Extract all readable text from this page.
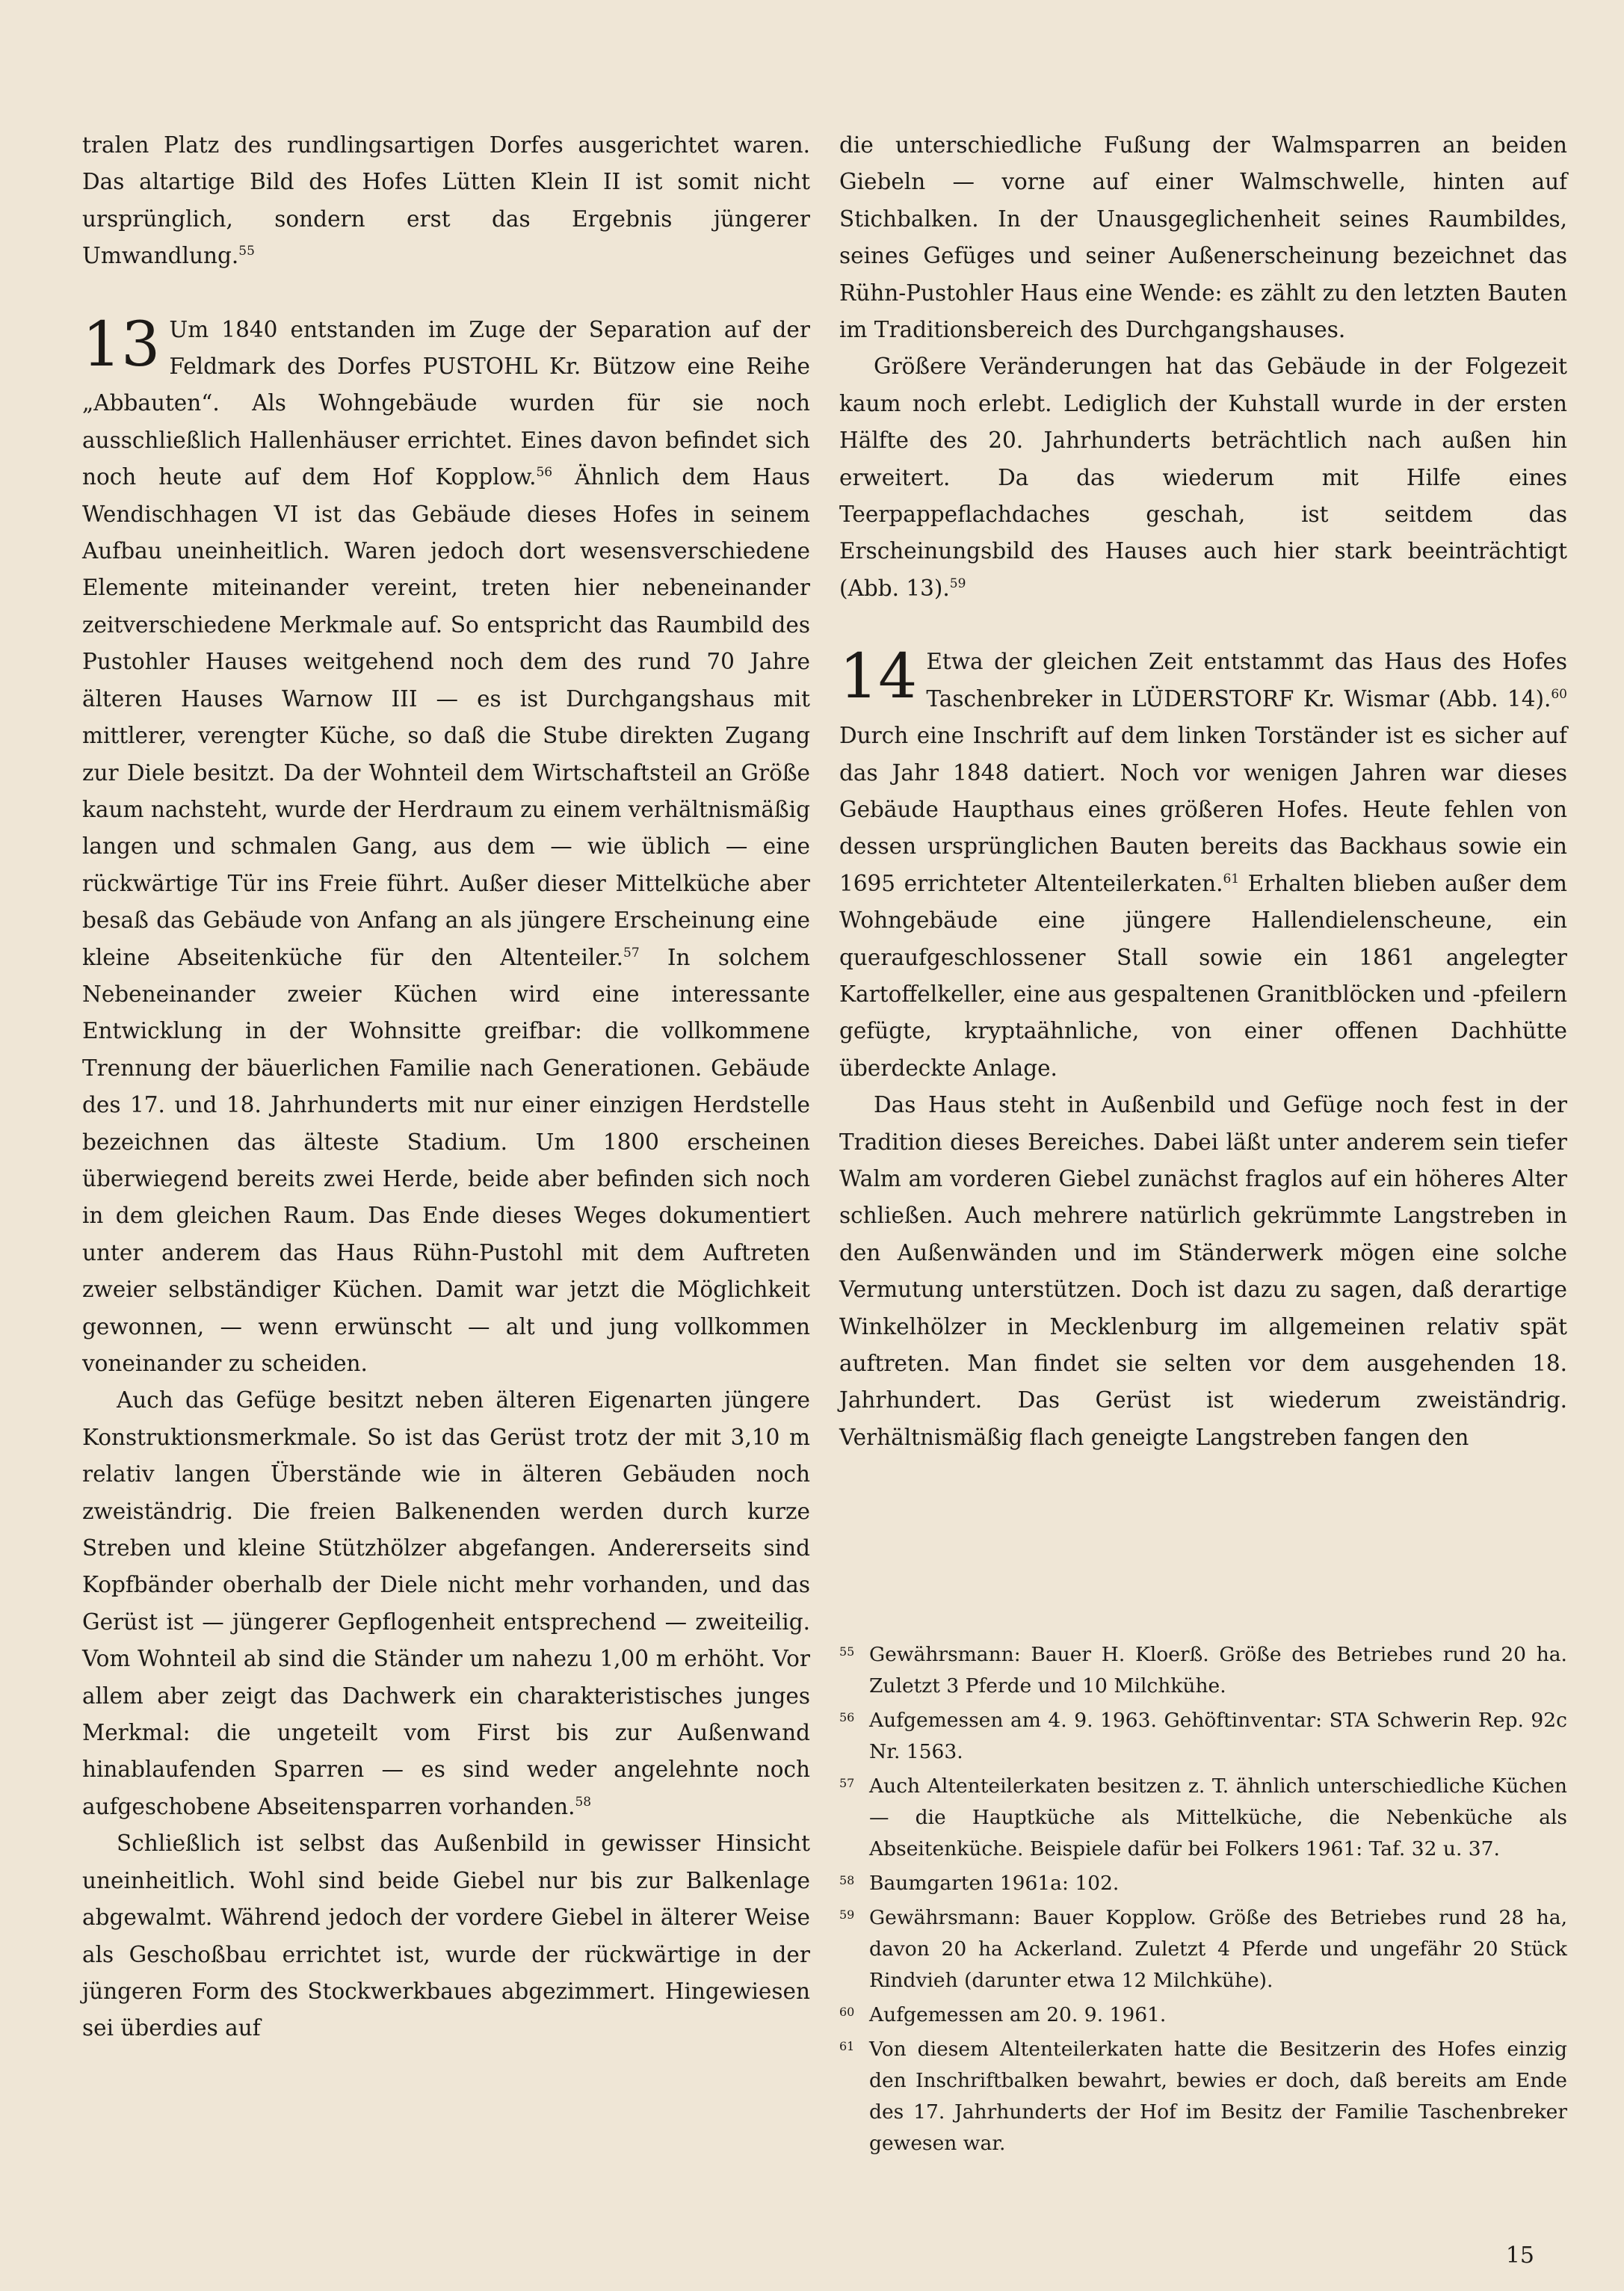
tralen Platz des rundlingsartigen Dorfes ausgerichtet waren. Das altartige Bild des Hofes Lütten Klein II ist somit nicht ursprünglich, sondern erst das Ergebnis jüngerer Umwandlung.$^{55}$

13 Um 1840 entstanden im Zuge der Separation auf der Feldmark des Dorfes PUSTOHL Kr. Bützow eine Reihe „Abbauten“. Als Wohngebäude wurden für sie noch ausschließlich Hallenhäuser errichtet. Eines davon befindet sich noch heute auf dem Hof Kopplow.$^{56}$ Ähnlich dem Haus Wendischhagen VI ist das Gebäude dieses Hofes in seinem Aufbau uneinheitlich. Waren jedoch dort wesensverschiedene Elemente miteinander vereint, treten hier nebeneinander zeitverschiedene Merkmale auf. So entspricht das Raumbild des Pustohler Hauses weitgehend noch dem des rund 70 Jahre älteren Hauses Warnow III — es ist Durchgangshaus mit mittlerer, verengter Küche, so daß die Stube direkten Zugang zur Diele besitzt. Da der Wohnteil dem Wirtschaftsteil an Größe kaum nachsteht, wurde der Herdraum zu einem verhältnismäßig langen und schmalen Gang, aus dem — wie üblich — eine rückwärtige Tür ins Freie führt. Außer dieser Mittelküche aber besaß das Gebäude von Anfang an als jüngere Erscheinung eine kleine Abseitenküche für den Altenteiler.$^{57}$ In solchem Nebeneinander zweier Küchen wird eine interessante Entwicklung in der Wohnsitte greifbar: die vollkommene Trennung der bäuerlichen Familie nach Generationen. Gebäude des 17. und 18. Jahrhunderts mit nur einer einzigen Herdstelle bezeichnen das älteste Stadium. Um 1800 erscheinen überwiegend bereits zwei Herde, beide aber befinden sich noch in dem gleichen Raum. Das Ende dieses Weges dokumentiert unter anderem das Haus Rühn-Pustohl mit dem Auftreten zweier selbständiger Küchen. Damit war jetzt die Möglichkeit gewonnen, — wenn erwünscht — alt und jung vollkommen voneinander zu scheiden.

Auch das Gefüge besitzt neben älteren Eigenarten jüngere Konstruktionsmerkmale. So ist das Gerüst trotz der mit 3,10 m relativ langen Überstände wie in älteren Gebäuden noch zweiständrig. Die freien Balkenenden werden durch kurze Streben und kleine Stützhölzer abgefangen. Andererseits sind Kopfbänder oberhalb der Diele nicht mehr vorhanden, und das Gerüst ist — jüngerer Gepflogenheit entsprechend — zweiteilig. Vom Wohnteil ab sind die Ständer um nahezu 1,00 m erhöht. Vor allem aber zeigt das Dachwerk ein charakteristisches junges Merkmal: die ungeteilt vom First bis zur Außenwand hinablaufenden Sparren — es sind weder angelehnte noch aufgeschobene Abseitensparren vorhanden.$^{58}$

Schließlich ist selbst das Außenbild in gewisser Hinsicht uneinheitlich. Wohl sind beide Giebel nur bis zur Balkenlage abgewalmt. Während jedoch der vordere Giebel in älterer Weise als Geschoßbau errichtet ist, wurde der rückwärtige in der jüngeren Form des Stockwerkbaues abgezimmert. Hingewiesen sei überdies auf

die unterschiedliche Fußung der Walmsparren an beiden Giebeln — vorne auf einer Walmschwelle, hinten auf Stichbalken. In der Unausgeglichenheit seines Raumbildes, seines Gefüges und seiner Außenerscheinung bezeichnet das Rühn-Pustohler Haus eine Wende: es zählt zu den letzten Bauten im Traditionsbereich des Durchgangshauses.

Größere Veränderungen hat das Gebäude in der Folgezeit kaum noch erlebt. Lediglich der Kuhstall wurde in der ersten Hälfte des 20. Jahrhunderts beträchtlich nach außen hin erweitert. Da das wiederum mit Hilfe eines Teerpappeflachdaches geschah, ist seitdem das Erscheinungsbild des Hauses auch hier stark beeinträchtigt (Abb. 13).$^{59}$

14 Etwa der gleichen Zeit entstammt das Haus des Hofes Taschenbreker in LÜDERSTORF Kr. Wismar (Abb. 14).$^{60}$ Durch eine Inschrift auf dem linken Torständer ist es sicher auf das Jahr 1848 datiert. Noch vor wenigen Jahren war dieses Gebäude Haupthaus eines größeren Hofes. Heute fehlen von dessen ursprünglichen Bauten bereits das Backhaus sowie ein 1695 errichteter Altenteilerkaten.$^{61}$ Erhalten blieben außer dem Wohngebäude eine jüngere Hallendielenscheune, ein queraufgeschlossener Stall sowie ein 1861 angelegter Kartoffelkeller, eine aus gespaltenen Granitblöcken und -pfeilern gefügte, kryptaähnliche, von einer offenen Dachhütte überdeckte Anlage.

Das Haus steht in Außenbild und Gefüge noch fest in der Tradition dieses Bereiches. Dabei läßt unter anderem sein tiefer Walm am vorderen Giebel zunächst fraglos auf ein höheres Alter schließen. Auch mehrere natürlich gekrümmte Langstreben in den Außenwänden und im Ständerwerk mögen eine solche Vermutung unterstützen. Doch ist dazu zu sagen, daß derartige Winkelhölzer in Mecklenburg im allgemeinen relativ spät auftreten. Man findet sie selten vor dem ausgehenden 18. Jahrhundert. Das Gerüst ist wiederum zweiständrig. Verhältnismäßig flach geneigte Langstreben fangen den

55 Gewährsmann: Bauer H. Kloerß. Größe des Betriebes rund 20 ha. Zuletzt 3 Pferde und 10 Milchkühe.
56 Aufgemessen am 4. 9. 1963. Gehöftinventar: STA Schwerin Rep. 92c Nr. 1563.
57 Auch Altenteilerkaten besitzen z. T. ähnlich unterschiedliche Küchen — die Hauptküche als Mittelküche, die Nebenküche als Abseitenküche. Beispiele dafür bei Folkers 1961: Taf. 32 u. 37.
58 Baumgarten 1961a: 102.
59 Gewährsmann: Bauer Kopplow. Größe des Betriebes rund 28 ha, davon 20 ha Ackerland. Zuletzt 4 Pferde und ungefähr 20 Stück Rindvieh (darunter etwa 12 Milchkühe).
60 Aufgemessen am 20. 9. 1961.
61 Von diesem Altenteilerkaten hatte die Besitzerin des Hofes einzig den Inschriftbalken bewahrt, bewies er doch, daß bereits am Ende des 17. Jahrhunderts der Hof im Besitz der Familie Taschenbreker gewesen war.
15
